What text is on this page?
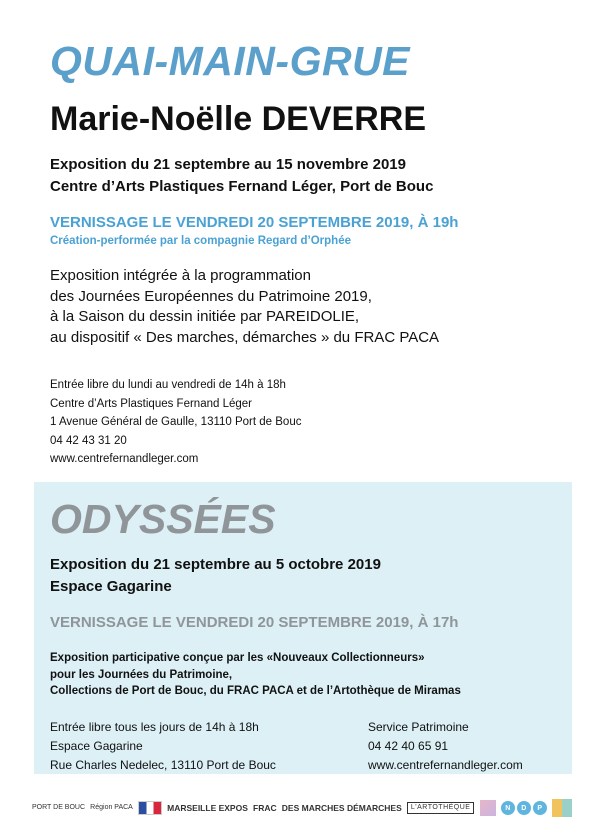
QUAI-MAIN-GRUE
Marie-Noëlle DEVERRE
Exposition du 21 septembre au 15 novembre 2019
Centre d’Arts Plastiques Fernand Léger, Port de Bouc
VERNISSAGE LE VENDREDI 20 SEPTEMBRE 2019, À 19h
Création-performée par la compagnie Regard d’Orphée
Exposition intégrée à la programmation
des Journées Européennes du Patrimoine 2019,
à la Saison du dessin initiée par PAREIDOLIE,
au dispositif « Des marches, démarches » du FRAC PACA
Entrée libre du lundi au vendredi de 14h à 18h
Centre d’Arts Plastiques Fernand Léger
1 Avenue Général de Gaulle, 13110 Port de Bouc
04 42 43 31 20
www.centrefernandleger.com
ODYSSÉES
Exposition du 21 septembre au 5 octobre 2019
Espace Gagarine
VERNISSAGE LE VENDREDI 20 SEPTEMBRE 2019, À 17h
Exposition participative conçue par les «Nouveaux Collectionneurs»
pour les Journées du Patrimoine,
Collections de Port de Bouc, du FRAC PACA et de l’Artothèque de Miramas
Entrée libre tous les jours de 14h à 18h
Espace Gagarine
Rue Charles Nedelec, 13110 Port de Bouc
Service Patrimoine
04 42 40 65 91
www.centrefernandleger.com
PORT DE BOUC Région PACA	MARSEILLE EXPOS FRAC DES MARCHES DÉMARCHES	L'ARTOTHÈQUE	N	D	P
